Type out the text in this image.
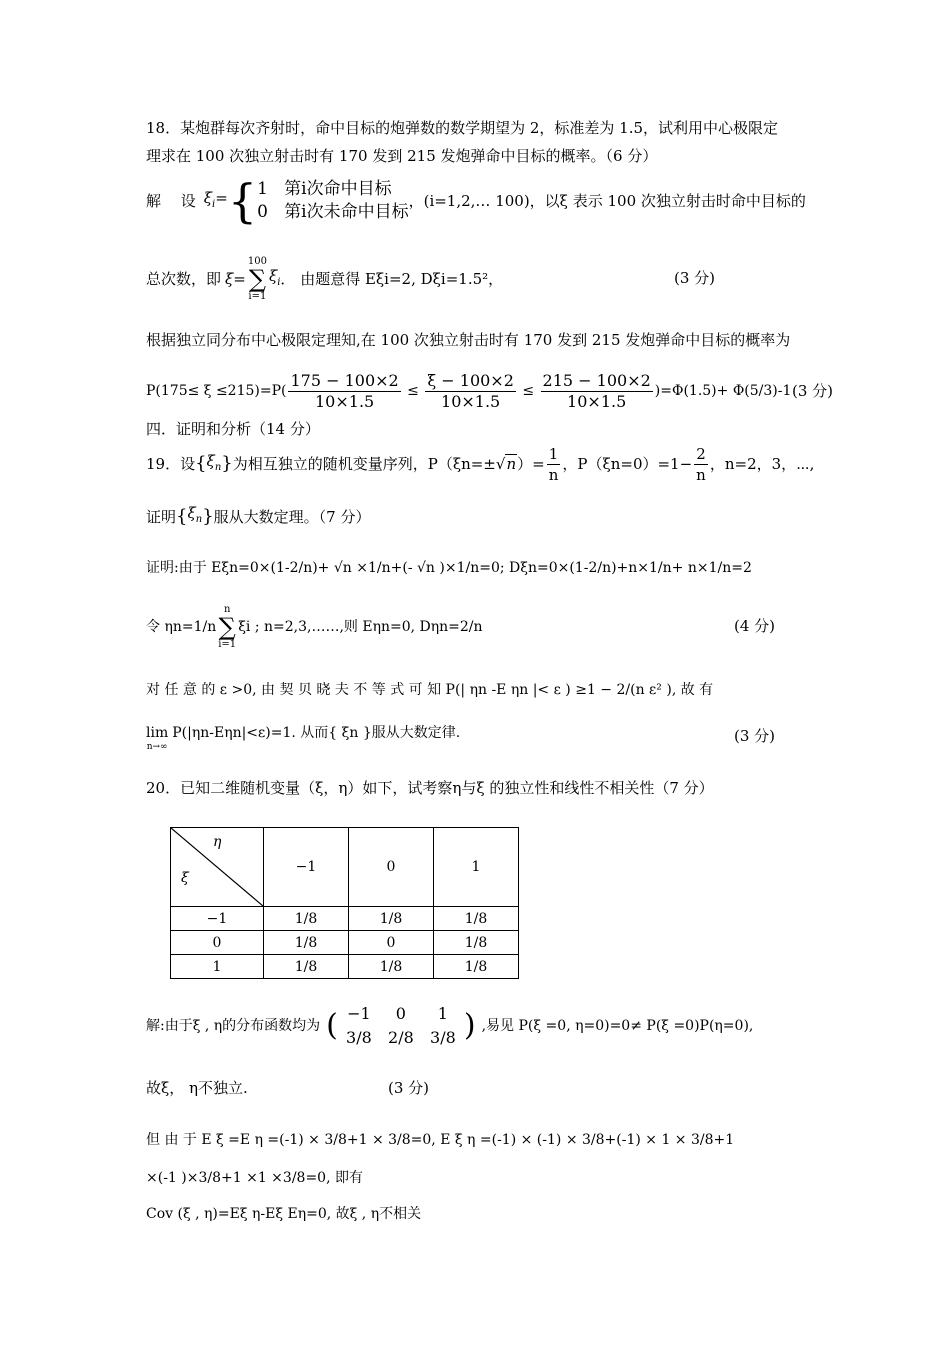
18．某炮群每次齐射时，命中目标的炮弹数的数学期望为 2，标准差为 1.5，试利用中心极限定
理求在 100 次独立射击时有 170 发到 215 发炮弹命中目标的概率。（6 分）
解　 设 $\xi_i=$ { 1 第i次命中目标
0 第i次未命中目标
，(i=1,2,… 100)，以ξ 表示 100 次独立射击时命中目标的
总次数，即 ξ=
100
∑
i=1
$\xi_i$ ． 由题意得 Eξi=2, Dξi=1.5²，	(3 分)
根据独立同分布中心极限定理知,在 100 次独立射击时有 170 发到 215 发炮弹命中目标的概率为
$P(175\le \xi \le 215)=P( \frac{175 - 100\times 2}{10\times 1.5} \le \frac{\xi - 100\times 2}{10\times 1.5} \le \frac{215 - 100\times 2}{10\times 1.5} )=\Phi(1.5)+ \Phi(5/3)-1$ (3 分)
四．证明和分析（14 分）
19．设 { $\xi_n$ } 为相互独立的随机变量序列，P（ξn=± √n ）= $\frac{1}{n}$ ，$P(\xi n=0)=1- \frac{2}{n}$ ，n=2，3，⋯,
证明 { $\xi_n$ } 服从大数定理。（7 分）
证明:由于 Eξn=0×(1-2/n)+ √n ×1/n+(- √n )×1/n=0; Dξn=0×(1-2/n)+n×1/n+ n×1/n=2
令 ηn=1/n
n
∑
i=1
ξi ; n=2,3,……,则 Eηn=0, Dηn=2/n	(4 分)
对 任 意 的 ε >0, 由 契 贝 晓 夫 不 等 式 可 知 P(| ηn -E ηn |< ε ) ≥1 − 2/(n ε² ), 故 有
lim
n→∞
P(|ηn-Eηn|<ε)=1. 从而{ ξn }服从大数定律.	(3 分)
20．已知二维随机变量（ξ，η）如下，试考察η与ξ 的独立性和线性不相关性（7 分）
η
ξ	−1	0	1
−1	1/8	1/8	1/8
0	1/8	0	1/8
1	1/8	1/8	1/8
解:由于ξ , η的分布函数均为 ( −1	0	1
3/8	2/8	3/8 ) ,易见 P(ξ =0, η=0)=0≠ P(ξ =0)P(η=0),
故ξ， η不独立.	(3 分)
但 由 于 E ξ =E η =(-1) × 3/8+1 × 3/8=0, E ξ η =(-1) × (-1) × 3/8+(-1) × 1 × 3/8+1
×(-1 )×3/8+1 ×1 ×3/8=0, 即有
Cov (ξ , η)=Eξ η-Eξ Eη=0, 故ξ , η不相关
